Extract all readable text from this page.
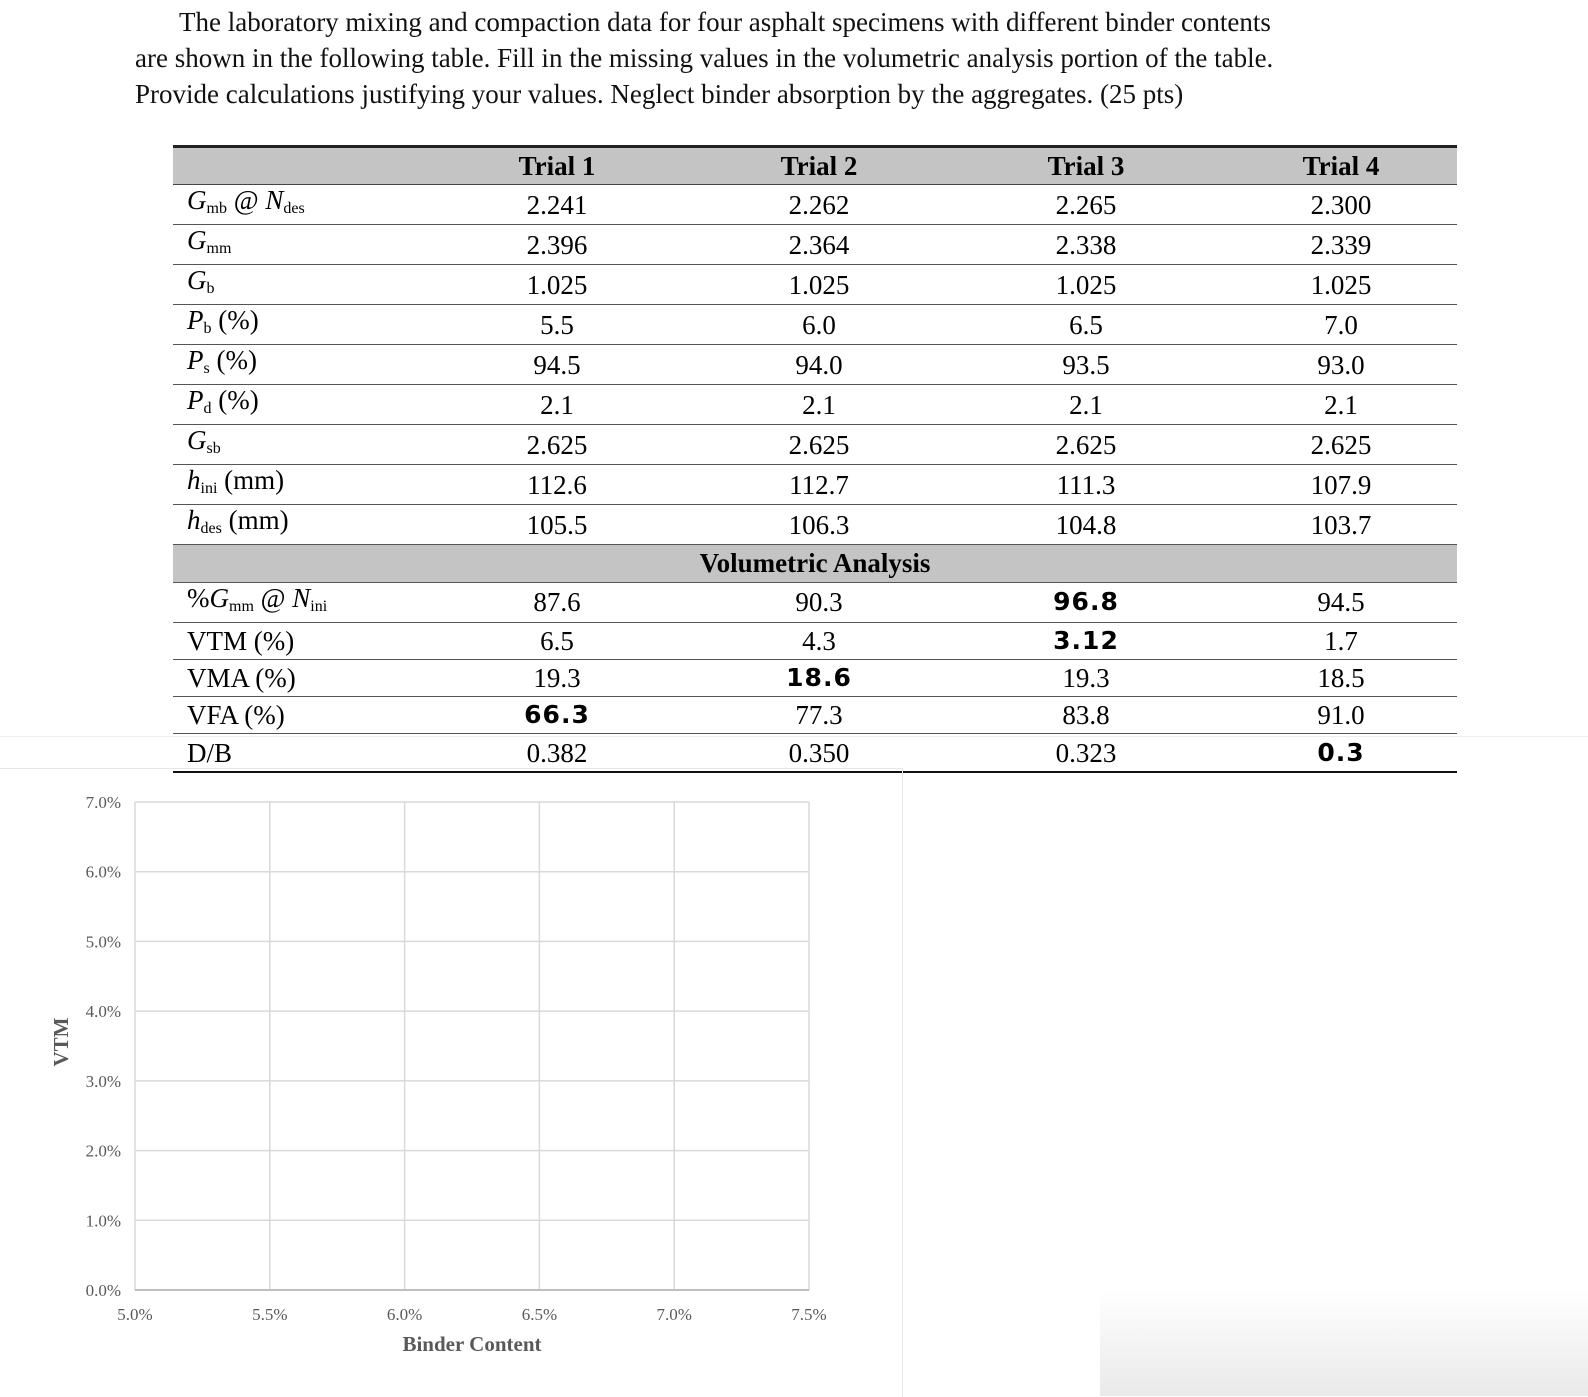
The laboratory mixing and compaction data for four asphalt specimens with different binder contents
are shown in the following table. Fill in the missing values in the volumetric analysis portion of the table.
Provide calculations justifying your values. Neglect binder absorption by the aggregates. (25 pts)
	Trial 1	Trial 2	Trial 3	Trial 4
$G_{mb}$ @ $N_{des}$	2.241	2.262	2.265	2.300
$G_{mm}$	2.396	2.364	2.338	2.339
$G_b$	1.025	1.025	1.025	1.025
$P_b$ (%)	5.5	6.0	6.5	7.0
$P_s$ (%)	94.5	94.0	93.5	93.0
$P_d$ (%)	2.1	2.1	2.1	2.1
$G_{sb}$	2.625	2.625	2.625	2.625
$h_{ini}$ (mm)	112.6	112.7	111.3	107.9
$h_{des}$ (mm)	105.5	106.3	104.8	103.7
Volumetric Analysis				
$\%G_{mm}$ @ $N_{ini}$	87.6	90.3	96.8	94.5
VTM (%)	6.5	4.3	3.12	1.7
VMA (%)	19.3	18.6	19.3	18.5
VFA (%)	66.3	77.3	83.8	91.0
D/B	0.382	0.350	0.323	0.3
0.0%
1.0%
2.0%
3.0%
4.0%
5.0%
6.0%
7.0%
5.0%	5.5%	6.0%	6.5%	7.0%	7.5%
Binder Content
VTM
